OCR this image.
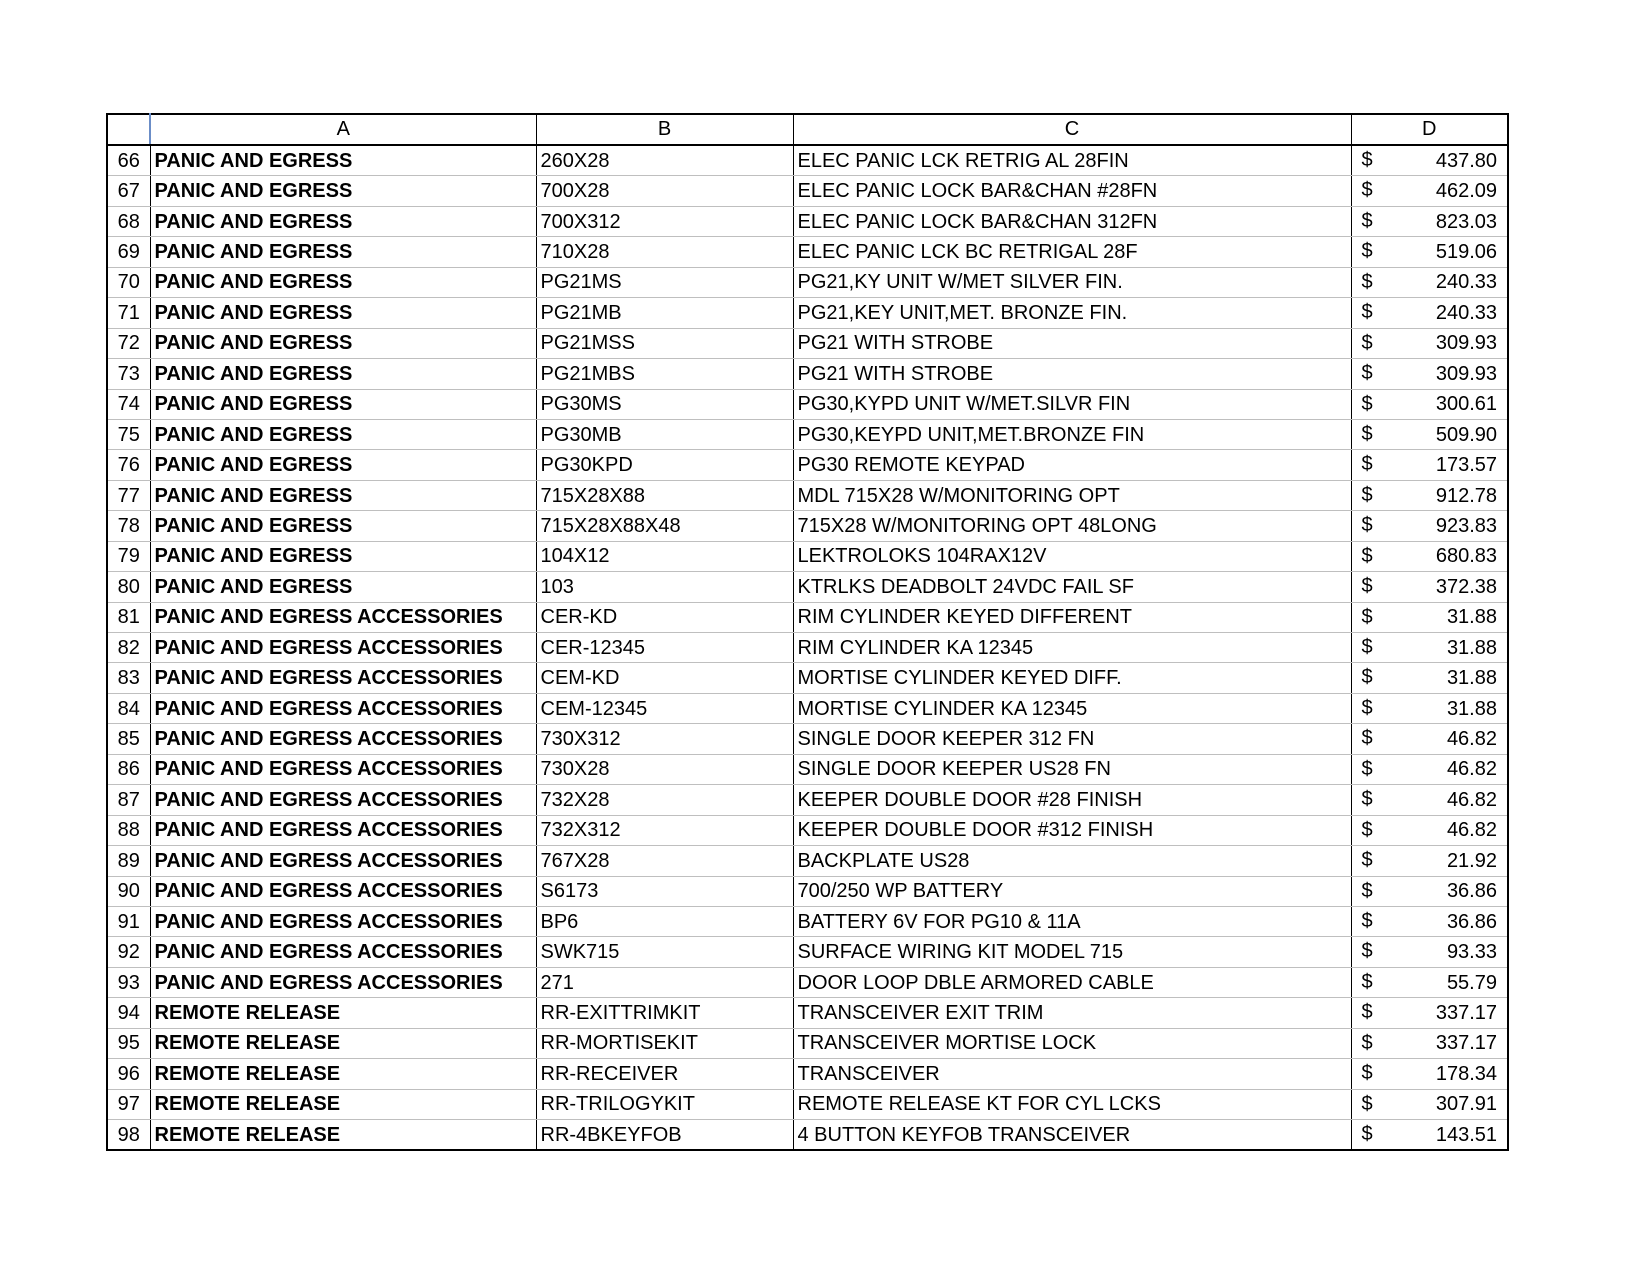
	A	B	C	D
66	PANIC AND EGRESS	260X28	ELEC PANIC LCK RETRIG AL 28FIN	$ 437.80

67	PANIC AND EGRESS	700X28	ELEC PANIC LOCK BAR&CHAN #28FN	$ 462.09

68	PANIC AND EGRESS	700X312	ELEC PANIC LOCK BAR&CHAN 312FN	$ 823.03

69	PANIC AND EGRESS	710X28	ELEC PANIC LCK BC RETRIGAL 28F	$ 519.06

70	PANIC AND EGRESS	PG21MS	PG21,KY UNIT W/MET SILVER FIN.	$ 240.33

71	PANIC AND EGRESS	PG21MB	PG21,KEY UNIT,MET. BRONZE FIN.	$ 240.33

72	PANIC AND EGRESS	PG21MSS	PG21 WITH STROBE	$ 309.93

73	PANIC AND EGRESS	PG21MBS	PG21 WITH STROBE	$ 309.93

74	PANIC AND EGRESS	PG30MS	PG30,KYPD UNIT W/MET.SILVR FIN	$ 300.61

75	PANIC AND EGRESS	PG30MB	PG30,KEYPD UNIT,MET.BRONZE FIN	$ 509.90

76	PANIC AND EGRESS	PG30KPD	PG30 REMOTE KEYPAD	$ 173.57

77	PANIC AND EGRESS	715X28X88	MDL 715X28 W/MONITORING OPT	$ 912.78

78	PANIC AND EGRESS	715X28X88X48	715X28 W/MONITORING OPT 48LONG	$ 923.83

79	PANIC AND EGRESS	104X12	LEKTROLOKS 104RAX12V	$ 680.83

80	PANIC AND EGRESS	103	KTRLKS DEADBOLT 24VDC FAIL SF	$ 372.38

81	PANIC AND EGRESS ACCESSORIES	CER-KD	RIM CYLINDER KEYED DIFFERENT	$ 31.88

82	PANIC AND EGRESS ACCESSORIES	CER-12345	RIM CYLINDER KA 12345	$ 31.88

83	PANIC AND EGRESS ACCESSORIES	CEM-KD	MORTISE CYLINDER KEYED DIFF.	$ 31.88

84	PANIC AND EGRESS ACCESSORIES	CEM-12345	MORTISE CYLINDER KA 12345	$ 31.88

85	PANIC AND EGRESS ACCESSORIES	730X312	SINGLE DOOR KEEPER 312 FN	$ 46.82

86	PANIC AND EGRESS ACCESSORIES	730X28	SINGLE DOOR KEEPER US28 FN	$ 46.82

87	PANIC AND EGRESS ACCESSORIES	732X28	KEEPER DOUBLE DOOR #28 FINISH	$ 46.82

88	PANIC AND EGRESS ACCESSORIES	732X312	KEEPER DOUBLE DOOR #312 FINISH	$ 46.82

89	PANIC AND EGRESS ACCESSORIES	767X28	BACKPLATE US28	$ 21.92

90	PANIC AND EGRESS ACCESSORIES	S6173	700/250 WP BATTERY	$ 36.86

91	PANIC AND EGRESS ACCESSORIES	BP6	BATTERY 6V FOR PG10 & 11A	$ 36.86

92	PANIC AND EGRESS ACCESSORIES	SWK715	SURFACE WIRING KIT MODEL 715	$ 93.33

93	PANIC AND EGRESS ACCESSORIES	271	DOOR LOOP DBLE ARMORED CABLE	$ 55.79

94	REMOTE RELEASE	RR-EXITTRIMKIT	TRANSCEIVER EXIT TRIM	$ 337.17

95	REMOTE RELEASE	RR-MORTISEKIT	TRANSCEIVER MORTISE LOCK	$ 337.17

96	REMOTE RELEASE	RR-RECEIVER	TRANSCEIVER	$ 178.34

97	REMOTE RELEASE	RR-TRILOGYKIT	REMOTE RELEASE KT FOR CYL LCKS	$ 307.91

98	REMOTE RELEASE	RR-4BKEYFOB	4 BUTTON KEYFOB TRANSCEIVER	$ 143.51
